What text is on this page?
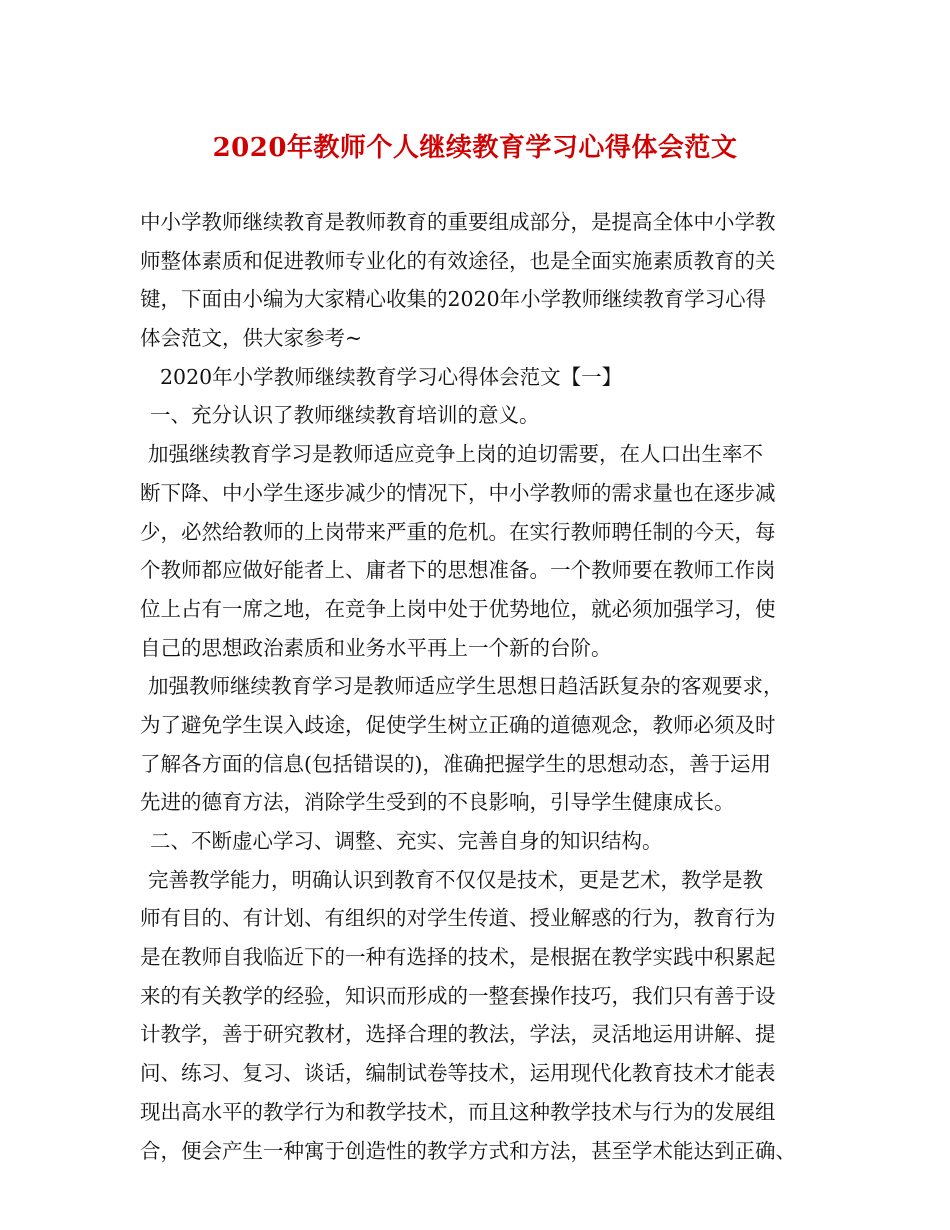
2020年教师个人继续教育学习心得体会范文
中小学教师继续教育是教师教育的重要组成部分，是提高全体中小学教
师整体素质和促进教师专业化的有效途径，也是全面实施素质教育的关
键，下面由小编为大家精心收集的2020年小学教师继续教育学习心得
体会范文，供大家参考~
2020年小学教师继续教育学习心得体会范文【一】
一、充分认识了教师继续教育培训的意义。
加强继续教育学习是教师适应竞争上岗的迫切需要，在人口出生率不
断下降、中小学生逐步减少的情况下，中小学教师的需求量也在逐步减
少，必然给教师的上岗带来严重的危机。在实行教师聘任制的今天，每
个教师都应做好能者上、庸者下的思想准备。一个教师要在教师工作岗
位上占有一席之地，在竞争上岗中处于优势地位，就必须加强学习，使
自己的思想政治素质和业务水平再上一个新的台阶。
加强教师继续教育学习是教师适应学生思想日趋活跃复杂的客观要求，
为了避免学生误入歧途，促使学生树立正确的道德观念，教师必须及时
了解各方面的信息(包括错误的)，准确把握学生的思想动态，善于运用
先进的德育方法，消除学生受到的不良影响，引导学生健康成长。
二、不断虚心学习、调整、充实、完善自身的知识结构。
完善教学能力，明确认识到教育不仅仅是技术，更是艺术，教学是教
师有目的、有计划、有组织的对学生传道、授业解惑的行为，教育行为
是在教师自我临近下的一种有选择的技术，是根据在教学实践中积累起
来的有关教学的经验，知识而形成的一整套操作技巧，我们只有善于设
计教学，善于研究教材，选择合理的教法，学法，灵活地运用讲解、提
问、练习、复习、谈话，编制试卷等技术，运用现代化教育技术才能表
现出高水平的教学行为和教学技术，而且这种教学技术与行为的发展组
合，便会产生一种寓于创造性的教学方式和方法，甚至学术能达到正确、
